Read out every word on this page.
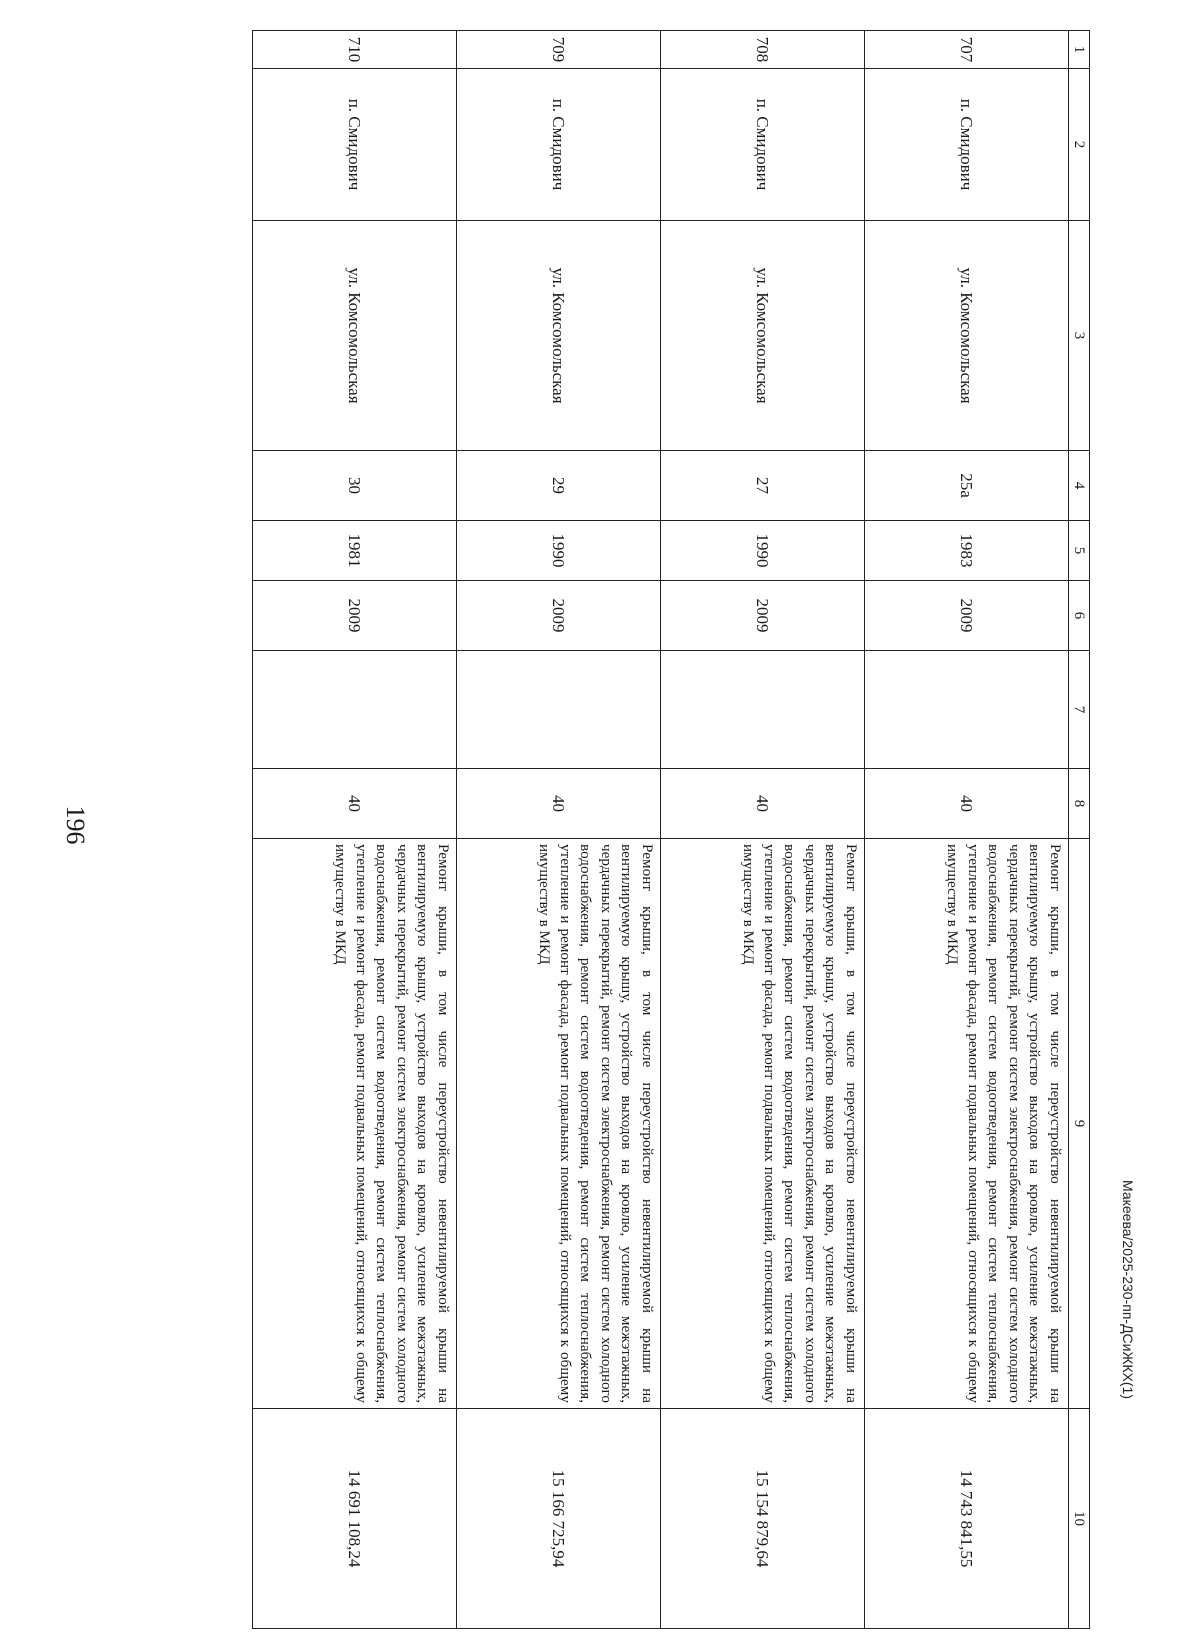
196
1	2	3	4	5	6	7	8	9	10
707	п. Смидович	ул. Комсомольская	25а	1983	2009		40	Ремонт крыши, в том числе переустройство невентилируемой крыши на вентилируемую крышу, устройство выходов на кровлю, усиление межэтажных, чердачных перекрытий, ремонт систем электроснабжения, ремонт систем холодного водоснабжения, ремонт систем водоотведения, ремонт систем теплоснабжения, утепление и ремонт фасада, ремонт подвальных помещений, относящихся к общему имуществу в МКД	14 743 841,55
708	п. Смидович	ул. Комсомольская	27	1990	2009		40	Ремонт крыши, в том числе переустройство невентилируемой крыши на вентилируемую крышу, устройство выходов на кровлю, усиление межэтажных, чердачных перекрытий, ремонт систем электроснабжения, ремонт систем холодного водоснабжения, ремонт систем водоотведения, ремонт систем теплоснабжения, утепление и ремонт фасада, ремонт подвальных помещений, относящихся к общему имуществу в МКД	15 154 879,64
709	п. Смидович	ул. Комсомольская	29	1990	2009		40	Ремонт крыши, в том числе переустройство невентилируемой крыши на вентилируемую крышу, устройство выходов на кровлю, усиление межэтажных, чердачных перекрытий, ремонт систем электроснабжения, ремонт систем холодного водоснабжения, ремонт систем водоотведения, ремонт систем теплоснабжения, утепление и ремонт фасада, ремонт подвальных помещений, относящихся к общему имуществу в МКД	15 166 725,94
710	п. Смидович	ул. Комсомольская	30	1981	2009		40	Ремонт крыши, в том числе переустройство невентилируемой крыши на вентилируемую крышу, устройство выходов на кровлю, усиление межэтажных, чердачных перекрытий, ремонт систем электроснабжения, ремонт систем холодного водоснабжения, ремонт систем водоотведения, ремонт систем теплоснабжения, утепление и ремонт фасада, ремонт подвальных помещений, относящихся к общему имуществу в МКД	14 691 108,24
Макеева/2025-230-пп-ДСиЖКХ(1)
